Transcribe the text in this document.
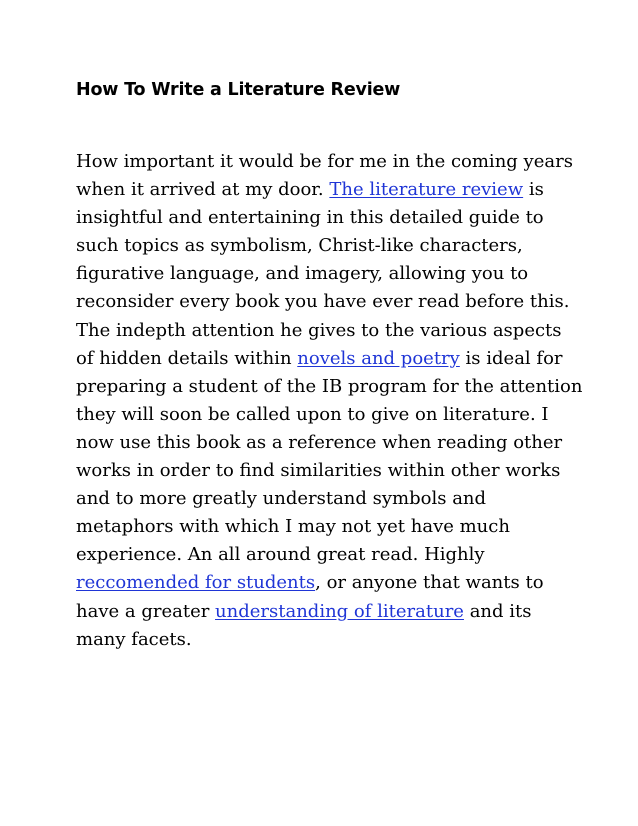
How To Write a Literature Review
How important it would be for me in the coming years
when it arrived at my door. The literature review is
insightful and entertaining in this detailed guide to
such topics as symbolism, Christ-like characters,
figurative language, and imagery, allowing you to
reconsider every book you have ever read before this.
The indepth attention he gives to the various aspects
of hidden details within novels and poetry is ideal for
preparing a student of the IB program for the attention
they will soon be called upon to give on literature. I
now use this book as a reference when reading other
works in order to find similarities within other works
and to more greatly understand symbols and
metaphors with which I may not yet have much
experience. An all around great read. Highly
reccomended for students, or anyone that wants to
have a greater understanding of literature and its
many facets.
